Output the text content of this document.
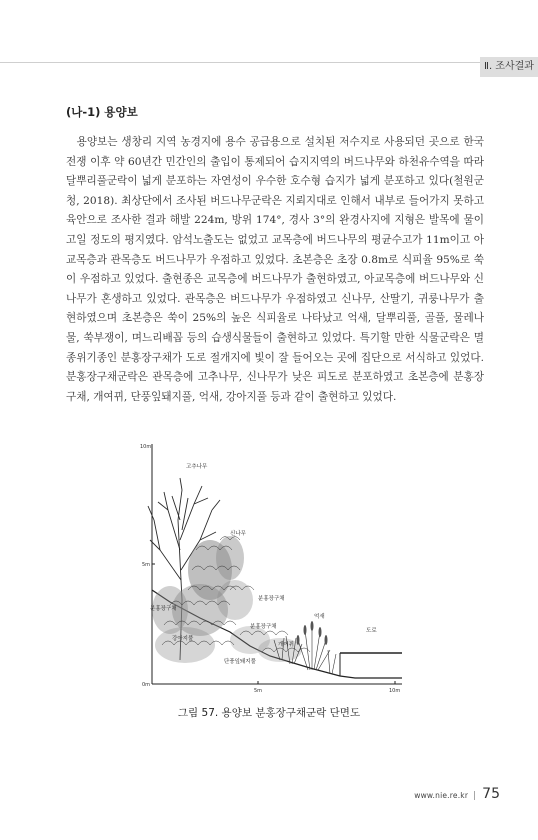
Ⅱ. 조사결과
(나-1) 용양보

용양보는 생창리 지역 농경지에 용수 공급용으로 설치된 저수지로 사용되던 곳으로 한국전쟁 이후 약 60년간 민간인의 출입이 통제되어 습지지역의 버드나무와 하천유수역을 따라 달뿌리풀군락이 넓게 분포하는 자연성이 우수한 호수형 습지가 넓게 분포하고 있다(철원군청, 2018). 최상단에서 조사된 버드나무군락은 지뢰지대로 인해서 내부로 들어가지 못하고 육안으로 조사한 결과 해발 224m, 방위 174°, 경사 3°의 완경사지에 지형은 발목에 물이 고일 정도의 평지였다. 암석노출도는 없었고 교목층에 버드나무의 평균수고가 11m이고 아교목층과 관목층도 버드나무가 우점하고 있었다. 초본층은 초장 0.8m로 식피율 95%로 쑥이 우점하고 있었다. 출현종은 교목층에 버드나무가 출현하였고, 아교목층에 버드나무와 신나무가 혼생하고 있었다. 관목층은 버드나무가 우점하였고 신나무, 산딸기, 귀룽나무가 출현하였으며 초본층은 쑥이 25%의 높은 식피율로 나타났고 억새, 달뿌리풀, 골풀, 물레나물, 쑥부쟁이, 며느리배꼽 등의 습생식물들이 출현하고 있었다. 특기할 만한 식물군락은 멸종위기종인 분홍장구채가 도로 절개지에 빛이 잘 들어오는 곳에 집단으로 서식하고 있었다. 분홍장구채군락은 관목층에 고추나무, 신나무가 낮은 피도로 분포하였고 초본층에 분홍장구채, 개여뀌, 단풍잎돼지풀, 억새, 강아지풀 등과 같이 출현하고 있었다.

10m
5m
0m
5m	10m
고추나무
신나무
분홍장구채
분홍장구채
분홍장구채
억새
개여뀌
단풍잎돼지풀
강아지풀
도로
그림 57. 용양보 분홍장구채군락 단면도
www.nie.re.kr | 75
